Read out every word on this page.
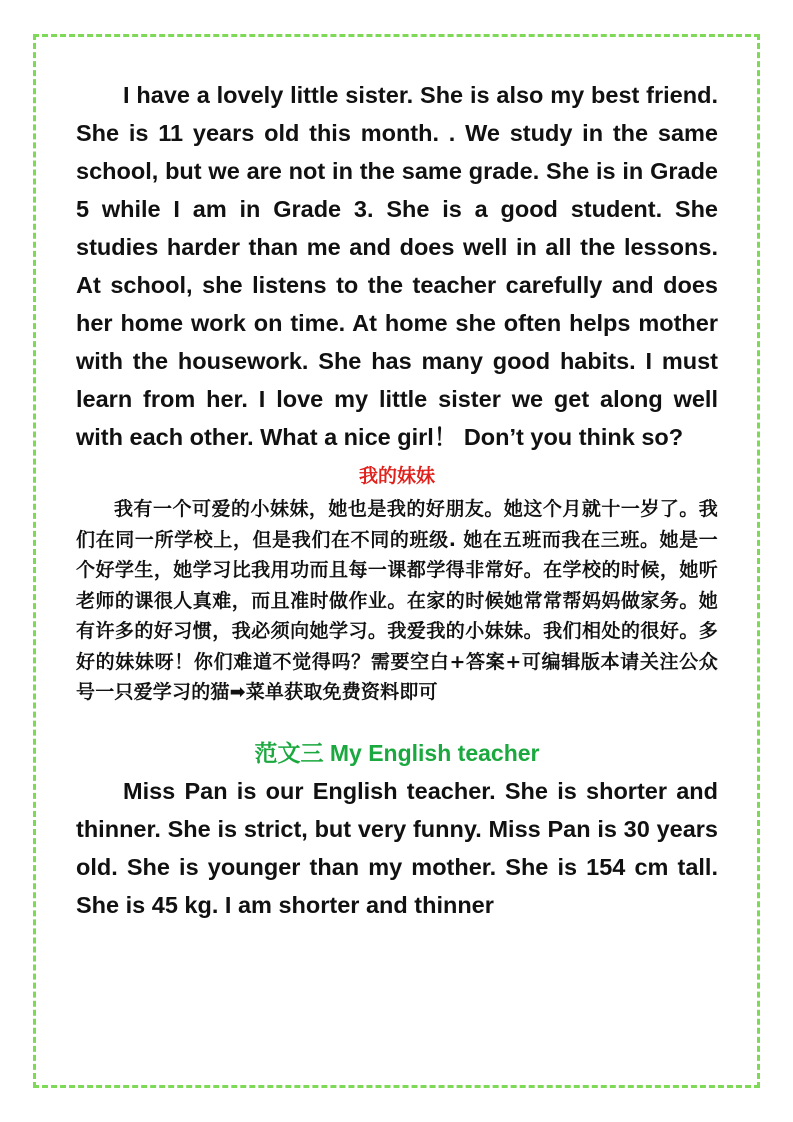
I have a lovely little sister. She is also my best friend. She is 11 years old this month. . We study in the same school, but we are not in the same grade. She is in Grade 5 while I am in Grade 3. She is a good student. She studies harder than me and does well in all the lessons. At school, she listens to the teacher carefully and does her home work on time. At home she often helps mother with the housework. She has many good habits. I must learn from her. I love my little sister we get along well with each other. What a nice girl！ Don’t you think so?

我的妹妹

我有一个可爱的小妹妹，她也是我的好朋友。她这个月就十一岁了。我们在同一所学校上，但是我们在不同的班级. 她在五班而我在三班。她是一个好学生，她学习比我用功而且每一课都学得非常好。在学校的时候，她听老师的课很人真难，而且准时做作业。在家的时候她常常帮妈妈做家务。她有许多的好习惯，我必须向她学习。我爱我的小妹妹。我们相处的很好。多好的妹妹呀！你们难道不觉得吗？需要空白+答案+可编辑版本请关注公众号一只爱学习的猫➡菜单获取免费资料即可

范文三 My English teacher

Miss Pan is our English teacher. She is shorter and thinner. She is strict, but very funny. Miss Pan is 30 years old. She is younger than my mother. She is 154 cm tall. She is 45 kg. I am shorter and thinner
